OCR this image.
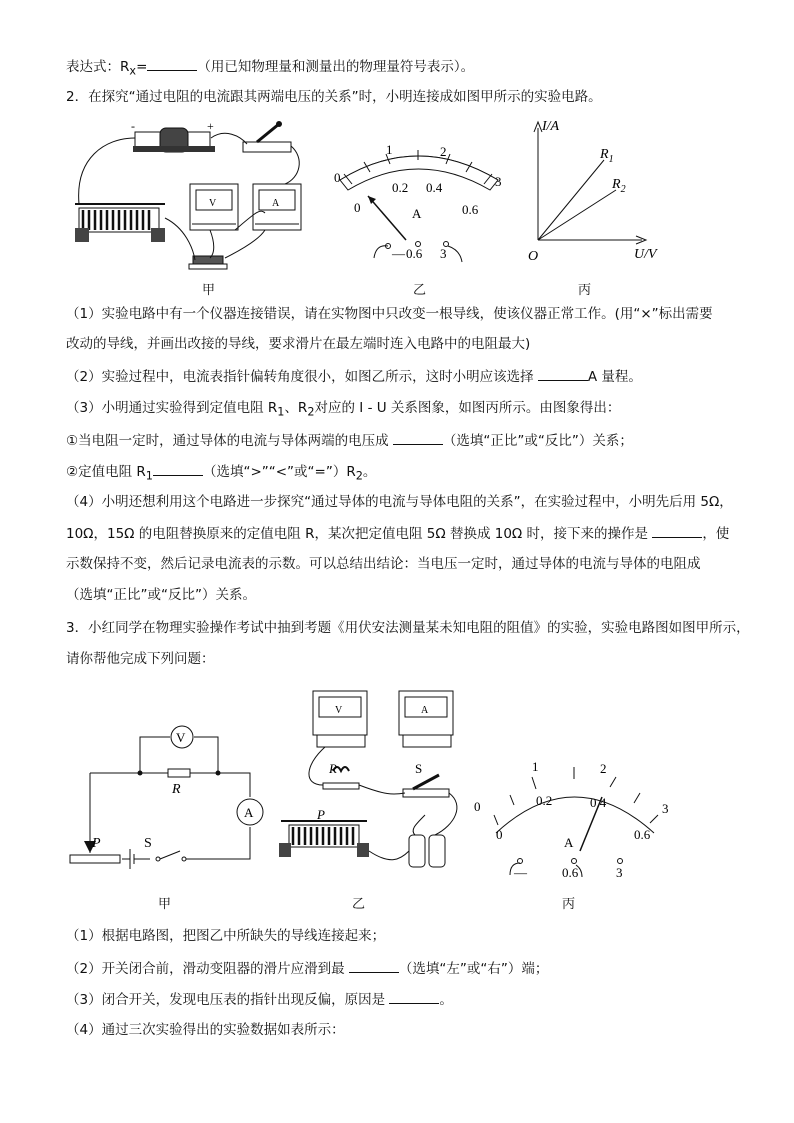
表达式：$R_x=$	（用已知物理量和测量出的物理量符号表示）。
2．在探究“通过电阻的电流跟其两端电压的关系”时，小明连接成如图甲所示的实验电路。
-	+
V	A
0
1	2
3
0
0.2 0.4
0.6
A
— 0.6 3
I/A
U/V
O
$R_1$
$R_2$
甲	乙	丙
（1）实验电路中有一个仪器连接错误，请在实物图中只改变一根导线，使该仪器正常工作。(用“×”标出需要
改动的导线，并画出改接的导线，要求滑片在最左端时连入电路中的电阻最大)
（2）实验过程中，电流表指针偏转角度很小，如图乙所示，这时小明应该选择	A 量程。
（3）小明通过实验得到定值电阻 $R_1$、$R_2$对应的 I - U 关系图象，如图丙所示。由图象得出：
①当电阻一定时，通过导体的电流与导体两端的电压成	（选填“正比”或“反比”）关系；
②定值电阻 $R_1$	（选填“>”“<”或“$=”)R_2$。
（4）小明还想利用这个电路进一步探究“通过导体的电流与导体电阻的关系”，在实验过程中，小明先后用 5Ω，
10Ω，15Ω 的电阻替换原来的定值电阻 R，某次把定值电阻 5Ω 替换成 10Ω 时，接下来的操作是	，使
示数保持不变，然后记录电流表的示数。可以总结出结论：当电压一定时，通过导体的电流与导体的电阻成
（选填“正比”或“反比”）关系。
3．小红同学在物理实验操作考试中抽到考题《用伏安法测量某未知电阻的阻值》的实验，实验电路图如图甲所示，
请你帮他完成下列问题：
V
A
R
P	S
V	A
R	S
P
0
1	2
3
0
0.2	0.4
0.6
A
—	0.6	3
甲	乙	丙
（1）根据电路图，把图乙中所缺失的导线连接起来；
（2）开关闭合前，滑动变阻器的滑片应滑到最	（选填“左”或“右”）端；
（3）闭合开关，发现电压表的指针出现反偏，原因是	。
（4）通过三次实验得出的实验数据如表所示：
